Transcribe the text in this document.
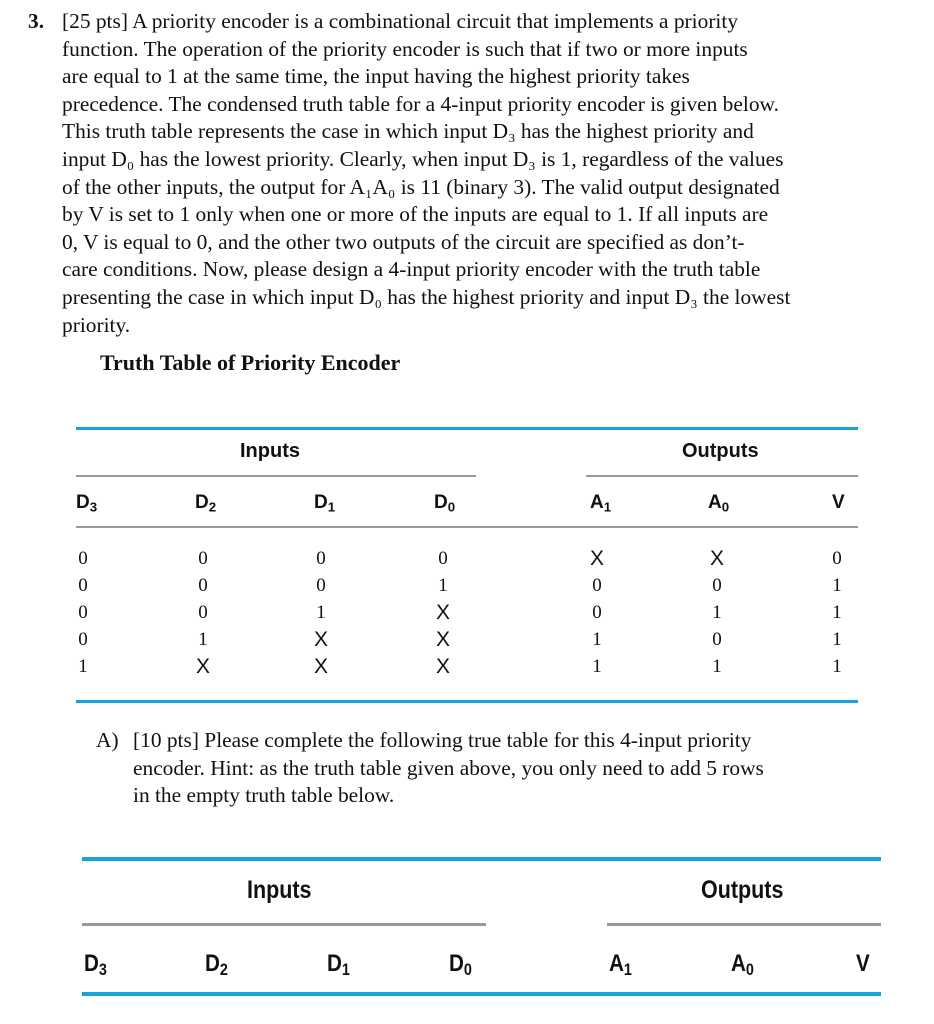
3. [25 pts] A priority encoder is a combinational circuit that implements a priority
function. The operation of the priority encoder is such that if two or more inputs
are equal to 1 at the same time, the input having the highest priority takes
precedence. The condensed truth table for a 4-input priority encoder is given below.
This truth table represents the case in which input D₃ has the highest priority and
input D₀ has the lowest priority. Clearly, when input D₃ is 1, regardless of the values
of the other inputs, the output for A₁A₀ is 11 (binary 3). The valid output designated
by V is set to 1 only when one or more of the inputs are equal to 1. If all inputs are
0, V is equal to 0, and the other two outputs of the circuit are specified as don’t-
care conditions. Now, please design a 4-input priority encoder with the truth table
presenting the case in which input D₀ has the highest priority and input D₃ the lowest
priority.
Truth Table of Priority Encoder
Inputs	Outputs
$D_3$	$D_2$	$D_1$	$D_0$	$A_1$	$A_0$	V
0	0	0	0	X	X	0
0	0	0	1	0	0	1
0	0	1	X	0	1	1
0	1	X	X	1	0	1
1	X	X	X	1	1	1
A) [10 pts] Please complete the following true table for this 4-input priority
encoder. Hint: as the truth table given above, you only need to add 5 rows
in the empty truth table below.
Inputs	Outputs
$D_3$	$D_2$	$D_1$	$D_0$	$A_1$	$A_0$	V
